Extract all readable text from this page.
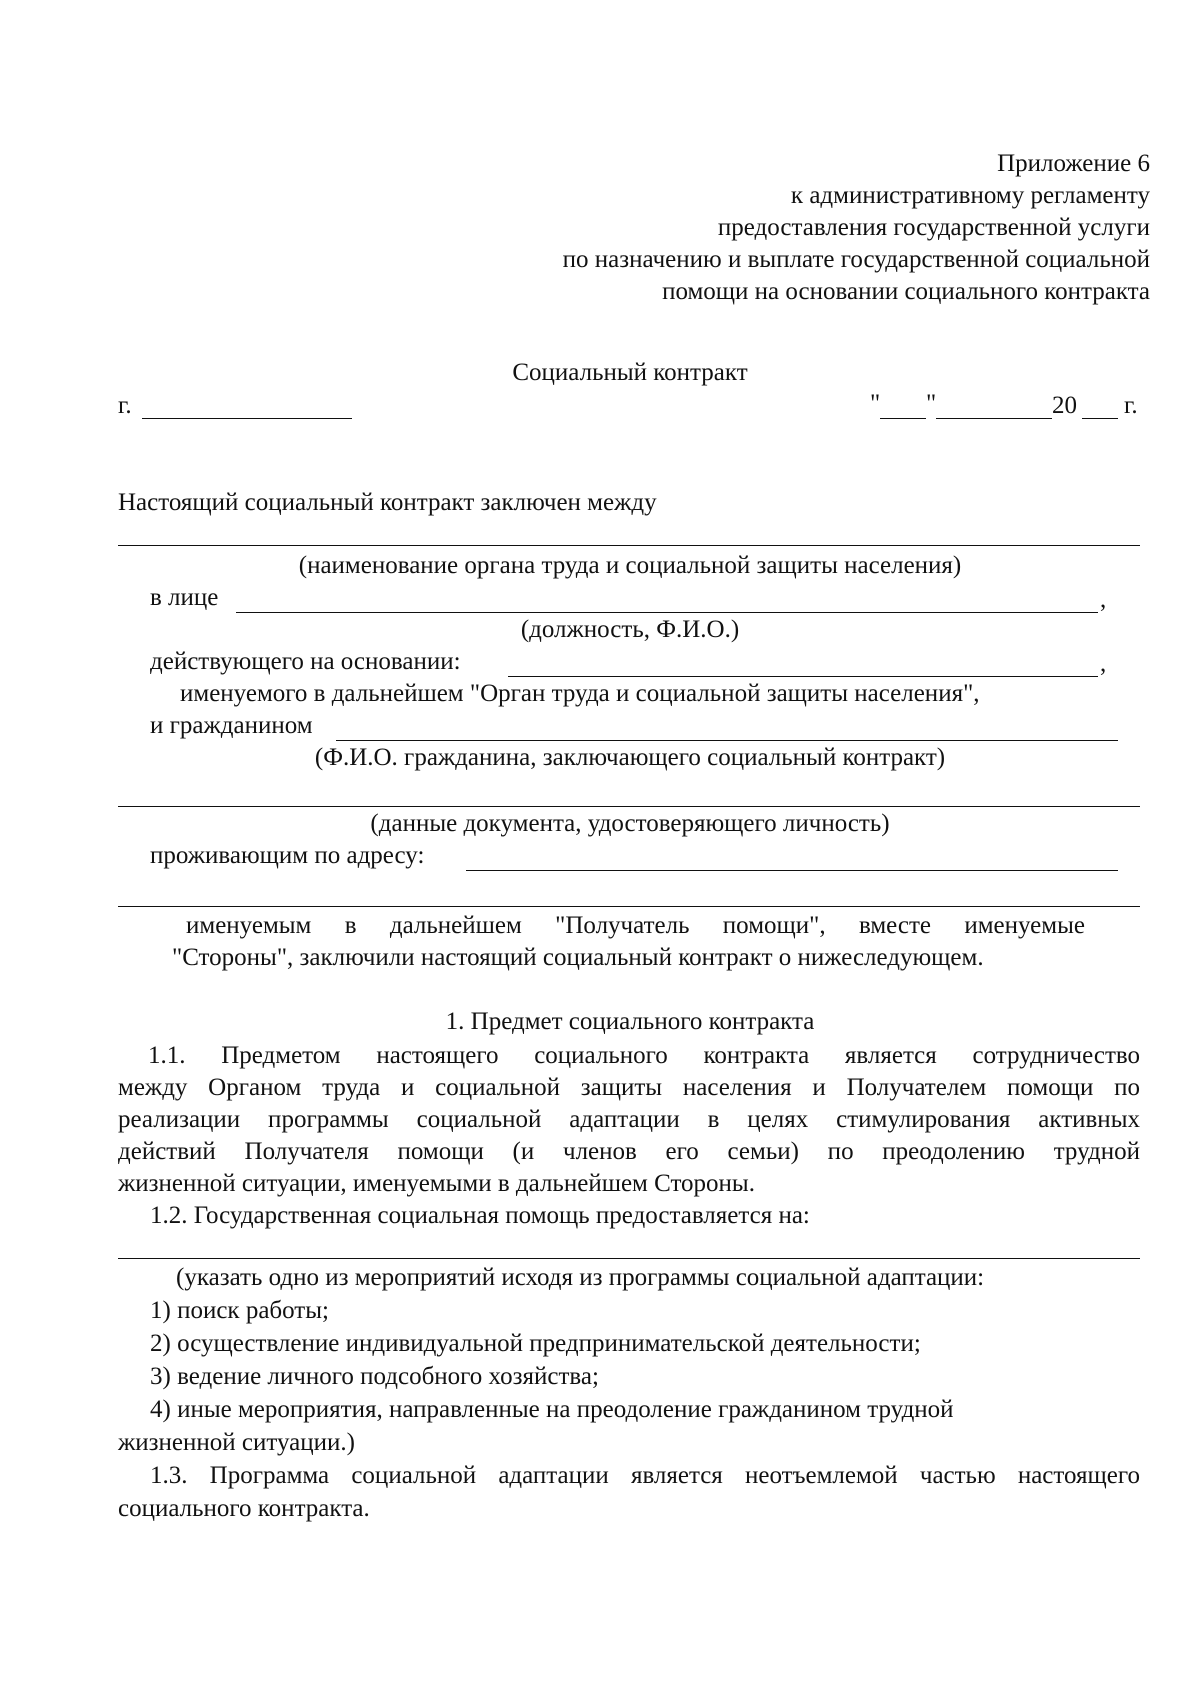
Приложение 6
к административному регламенту
предоставления государственной услуги
по назначению и выплате государственной социальной
помощи на основании социального контракта
Социальный контракт
г.	" "	20 г.
Настоящий социальный контракт заключен между
(наименование органа труда и социальной защиты населения)
в лице	,
(должность, Ф.И.О.)
действующего на основании:	,
именуемого в дальнейшем "Орган труда и социальной защиты населения",
и гражданином
(Ф.И.О. гражданина, заключающего социальный контракт)
(данные документа, удостоверяющего личность)
проживающим по адресу:
именуемым в дальнейшем "Получатель помощи", вместе именуемые
"Стороны", заключили настоящий социальный контракт о нижеследующем.
1. Предмет социального контракта
1.1. Предметом настоящего социального контракта является сотрудничество
между Органом труда и социальной защиты населения и Получателем помощи по
реализации программы социальной адаптации в целях стимулирования активных
действий Получателя помощи (и членов его семьи) по преодолению трудной
жизненной ситуации, именуемыми в дальнейшем Стороны.
1.2. Государственная социальная помощь предоставляется на:
(указать одно из мероприятий исходя из программы социальной адаптации:
1) поиск работы;
2) осуществление индивидуальной предпринимательской деятельности;
3) ведение личного подсобного хозяйства;
4) иные мероприятия, направленные на преодоление гражданином трудной
жизненной ситуации.)
1.3. Программа социальной адаптации является неотъемлемой частью настоящего
социального контракта.
